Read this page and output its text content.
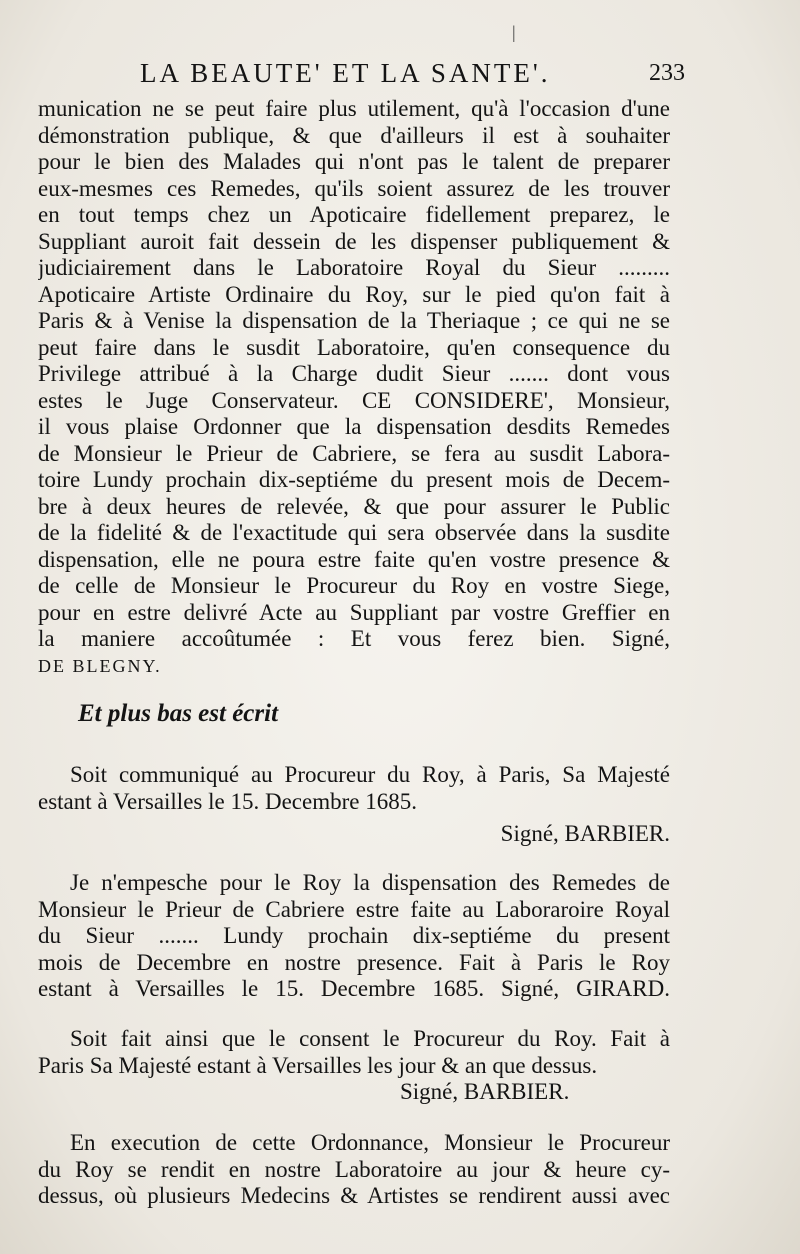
|
LA BEAUTE' ET LA SANTE'.	233
munication ne se peut faire plus utilement, qu'à l'occasion d'une
démonstration publique, & que d'ailleurs il est à souhaiter
pour le bien des Malades qui n'ont pas le talent de preparer
eux-mesmes ces Remedes, qu'ils soient assurez de les trouver
en tout temps chez un Apoticaire fidellement preparez, le
Suppliant auroit fait dessein de les dispenser publiquement &
judiciairement dans le Laboratoire Royal du Sieur .........
Apoticaire Artiste Ordinaire du Roy, sur le pied qu'on fait à
Paris & à Venise la dispensation de la Theriaque ; ce qui ne se
peut faire dans le susdit Laboratoire, qu'en consequence du
Privilege attribué à la Charge dudit Sieur ....... dont vous
estes le Juge Conservateur. CE CONSIDERE', Monsieur,
il vous plaise Ordonner que la dispensation desdits Remedes
de Monsieur le Prieur de Cabriere, se fera au susdit Labora-
toire Lundy prochain dix-septiéme du present mois de Decem-
bre à deux heures de relevée, & que pour assurer le Public
de la fidelité & de l'exactitude qui sera observée dans la susdite
dispensation, elle ne poura estre faite qu'en vostre presence &
de celle de Monsieur le Procureur du Roy en vostre Siege,
pour en estre delivré Acte au Suppliant par vostre Greffier en
la maniere accoûtumée : Et vous ferez bien. Signé,
DE BLEGNY.
Et plus bas est écrit
Soit communiqué au Procureur du Roy, à Paris, Sa Majesté
estant à Versailles le 15. Decembre 1685.
Signé, BARBIER.
Je n'empesche pour le Roy la dispensation des Remedes de
Monsieur le Prieur de Cabriere estre faite au Laborаroire Royal
du Sieur ....... Lundy prochain dix-septiéme du present
mois de Decembre en nostre presence. Fait à Paris le Roy
estant à Versailles le 15. Decembre 1685. Signé, GIRARD.
Soit fait ainsi que le consent le Procureur du Roy. Fait à
Paris Sa Majesté estant à Versailles les jour & an que dessus.
Signé, BARBIER.
En execution de cette Ordonnance, Monsieur le Procureur
du Roy se rendit en nostre Laboratoire au jour & heure cy-
dessus, où plusieurs Medecins & Artistes se rendirent aussi avec
